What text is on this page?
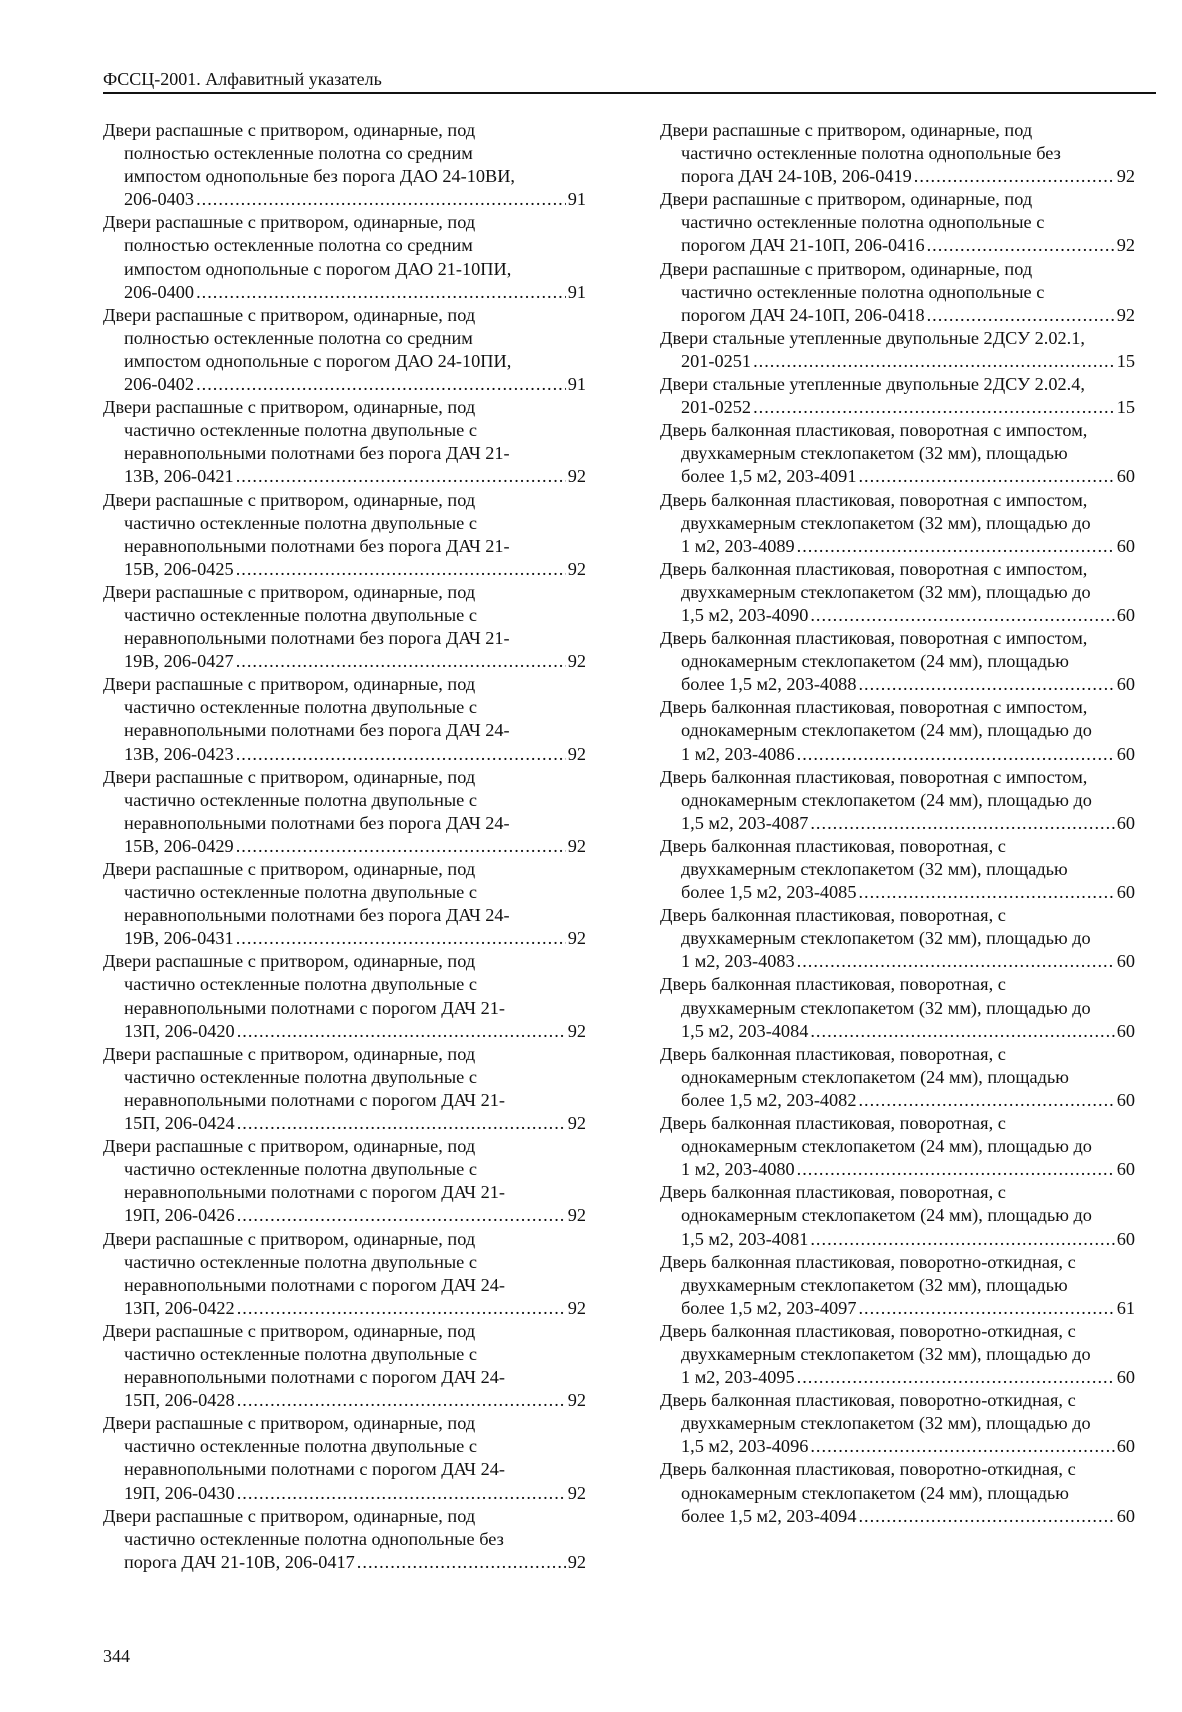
ФССЦ-2001. Алфавитный указатель
Двери распашные с притвором, одинарные, под
полностью остекленные полотна со средним
импостом однопольные без порога ДАО 24-10ВИ,
206-0403 .....	91
Двери распашные с притвором, одинарные, под
полностью остекленные полотна со средним
импостом однопольные с порогом ДАО 21-10ПИ,
206-0400 .....	91
Двери распашные с притвором, одинарные, под
полностью остекленные полотна со средним
импостом однопольные с порогом ДАО 24-10ПИ,
206-0402 .....	91
Двери распашные с притвором, одинарные, под
частично остекленные полотна двупольные с
неравнопольными полотнами без порога ДАЧ 21-
13В, 206-0421 .....	92
Двери распашные с притвором, одинарные, под
частично остекленные полотна двупольные с
неравнопольными полотнами без порога ДАЧ 21-
15В, 206-0425 .....	92
Двери распашные с притвором, одинарные, под
частично остекленные полотна двупольные с
неравнопольными полотнами без порога ДАЧ 21-
19В, 206-0427 .....	92
Двери распашные с притвором, одинарные, под
частично остекленные полотна двупольные с
неравнопольными полотнами без порога ДАЧ 24-
13В, 206-0423 .....	92
Двери распашные с притвором, одинарные, под
частично остекленные полотна двупольные с
неравнопольными полотнами без порога ДАЧ 24-
15В, 206-0429 .....	92
Двери распашные с притвором, одинарные, под
частично остекленные полотна двупольные с
неравнопольными полотнами без порога ДАЧ 24-
19В, 206-0431 .....	92
Двери распашные с притвором, одинарные, под
частично остекленные полотна двупольные с
неравнопольными полотнами с порогом ДАЧ 21-
13П, 206-0420 .....	92
Двери распашные с притвором, одинарные, под
частично остекленные полотна двупольные с
неравнопольными полотнами с порогом ДАЧ 21-
15П, 206-0424 .....	92
Двери распашные с притвором, одинарные, под
частично остекленные полотна двупольные с
неравнопольными полотнами с порогом ДАЧ 21-
19П, 206-0426 .....	92
Двери распашные с притвором, одинарные, под
частично остекленные полотна двупольные с
неравнопольными полотнами с порогом ДАЧ 24-
13П, 206-0422 .....	92
Двери распашные с притвором, одинарные, под
частично остекленные полотна двупольные с
неравнопольными полотнами с порогом ДАЧ 24-
15П, 206-0428 .....	92
Двери распашные с притвором, одинарные, под
частично остекленные полотна двупольные с
неравнопольными полотнами с порогом ДАЧ 24-
19П, 206-0430 .....	92
Двери распашные с притвором, одинарные, под
частично остекленные полотна однопольные без
порога ДАЧ 21-10В, 206-0417 .....	92
Двери распашные с притвором, одинарные, под
частично остекленные полотна однопольные без
порога ДАЧ 24-10В, 206-0419 .....	92
Двери распашные с притвором, одинарные, под
частично остекленные полотна однопольные с
порогом ДАЧ 21-10П, 206-0416 .....	92
Двери распашные с притвором, одинарные, под
частично остекленные полотна однопольные с
порогом ДАЧ 24-10П, 206-0418 .....	92
Двери стальные утепленные двупольные 2ДСУ 2.02.1,
201-0251 .....	15
Двери стальные утепленные двупольные 2ДСУ 2.02.4,
201-0252 .....	15
Дверь балконная пластиковая, поворотная с импостом,
двухкамерным стеклопакетом (32 мм), площадью
более 1,5 м2, 203-4091 .....	60
Дверь балконная пластиковая, поворотная с импостом,
двухкамерным стеклопакетом (32 мм), площадью до
1 м2, 203-4089 .....	60
Дверь балконная пластиковая, поворотная с импостом,
двухкамерным стеклопакетом (32 мм), площадью до
1,5 м2, 203-4090 .....	60
Дверь балконная пластиковая, поворотная с импостом,
однокамерным стеклопакетом (24 мм), площадью
более 1,5 м2, 203-4088 .....	60
Дверь балконная пластиковая, поворотная с импостом,
однокамерным стеклопакетом (24 мм), площадью до
1 м2, 203-4086 .....	60
Дверь балконная пластиковая, поворотная с импостом,
однокамерным стеклопакетом (24 мм), площадью до
1,5 м2, 203-4087 .....	60
Дверь балконная пластиковая, поворотная, с
двухкамерным стеклопакетом (32 мм), площадью
более 1,5 м2, 203-4085 .....	60
Дверь балконная пластиковая, поворотная, с
двухкамерным стеклопакетом (32 мм), площадью до
1 м2, 203-4083 .....	60
Дверь балконная пластиковая, поворотная, с
двухкамерным стеклопакетом (32 мм), площадью до
1,5 м2, 203-4084 .....	60
Дверь балконная пластиковая, поворотная, с
однокамерным стеклопакетом (24 мм), площадью
более 1,5 м2, 203-4082 .....	60
Дверь балконная пластиковая, поворотная, с
однокамерным стеклопакетом (24 мм), площадью до
1 м2, 203-4080 .....	60
Дверь балконная пластиковая, поворотная, с
однокамерным стеклопакетом (24 мм), площадью до
1,5 м2, 203-4081 .....	60
Дверь балконная пластиковая, поворотно-откидная, с
двухкамерным стеклопакетом (32 мм), площадью
более 1,5 м2, 203-4097 .....	61
Дверь балконная пластиковая, поворотно-откидная, с
двухкамерным стеклопакетом (32 мм), площадью до
1 м2, 203-4095 .....	60
Дверь балконная пластиковая, поворотно-откидная, с
двухкамерным стеклопакетом (32 мм), площадью до
1,5 м2, 203-4096 .....	60
Дверь балконная пластиковая, поворотно-откидная, с
однокамерным стеклопакетом (24 мм), площадью
более 1,5 м2, 203-4094 .....	60
344
